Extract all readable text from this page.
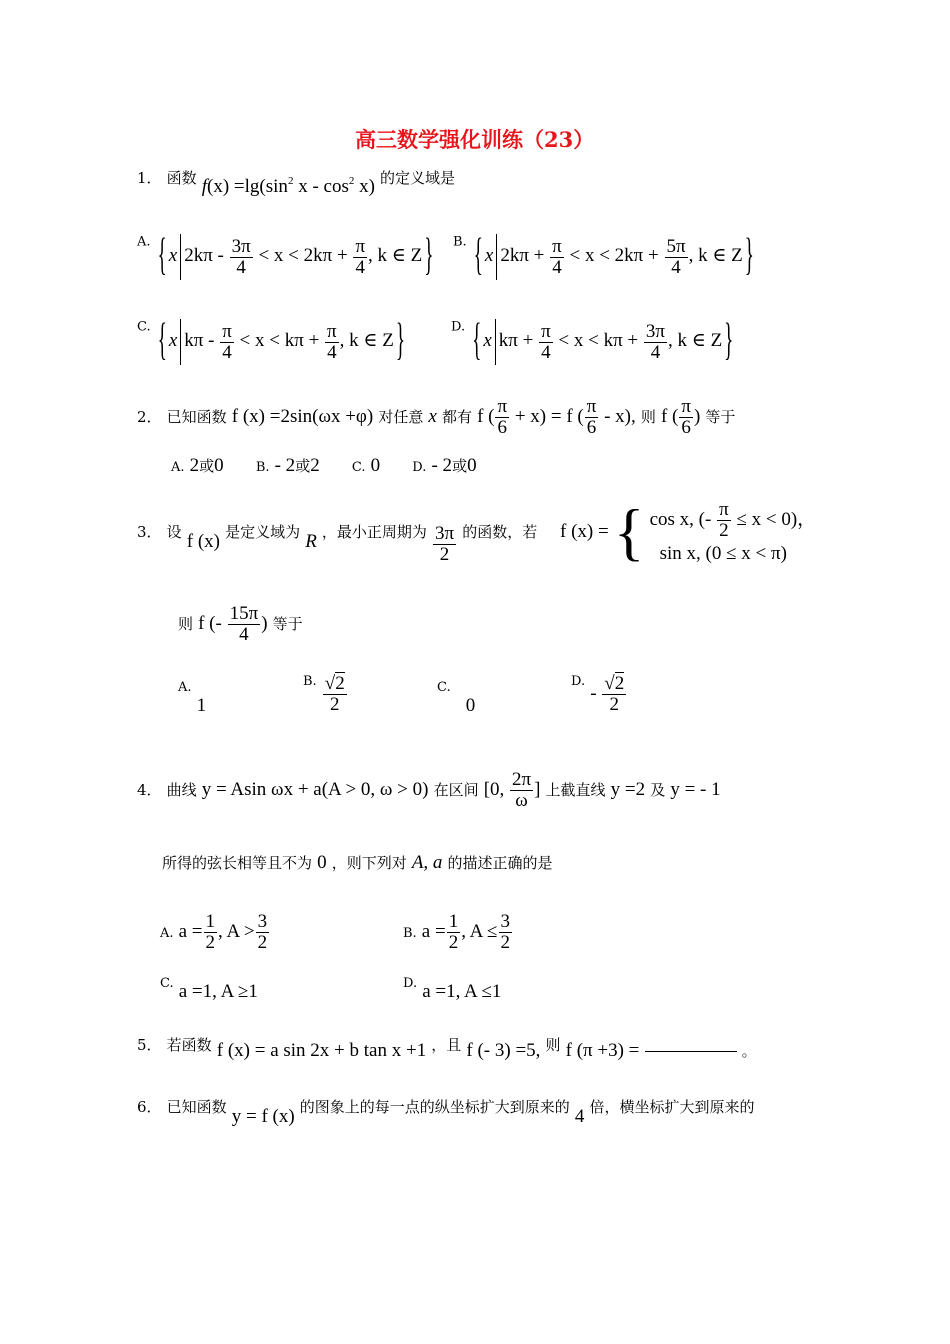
高三数学强化训练（23）
1． 函数 $f(x) =\lg(\sin^2$ x - $\cos^2 x$) 的定义域是
$^{A.}$ { x $2k\pi - \frac{3\pi}{4} < x < 2k\pi + \frac{\pi}{4}$ , k ∈ Z } $^{B.}$ { x $2k\pi + \frac{\pi}{4} < x < 2k\pi + \frac{5\pi}{4}$ , k ∈ Z }
$^{C.}$ { x $k\pi - \frac{\pi}{4} < x < k\pi + \frac{\pi}{4}$ , k ∈ Z }	$^{D.}$ { x $k\pi + \frac{\pi}{4} < x < k\pi + \frac{3\pi}{4}$ , k ∈ Z }
2． 已知函数 f (x) =2sin(ωx +φ) 对任意 x 都有 f ( $\frac{\pi}{6} + x) = f$ ( $\frac{\pi}{6} - x$), 则 f ( $\frac{\pi}{6}$ ) 等于
A. 2或0 B. - 2或2 C. 0 D. - 2或0
3． 设 f (x) 是定义域为 R ，最小正周期为 $\frac{3\pi}{2}$ 的函数，若 f (x) = { cos x, (- $\frac{\pi}{2} \le x < 0$)，
sin x, (0 ≤ x < π)
则 f (- $\frac{15\pi}{4}$ ) 等于
$^{A.}$ 1
$^{B.} \frac{√2}{2}$	$^{C.}$ 0
$^{D.} - \frac{√2}{2}$
4． 曲线 y = Asin ωx + a(A > 0, ω > 0) 在区间 [0, $\frac{2\pi}{\omega}$ ] 上截直线 y =2 及 y = - 1
所得的弦长相等且不为 0 ，则下列对 A, a 的描述正确的是
A. $a = \frac{1}{2}$ , $A > \frac{3}{2}$	B. $a = \frac{1}{2}$ , $A \le \frac{3}{2}$
$^{C.}$ a =1, A ≥1	$^{D.}$ a =1, A ≤1
5． 若函数 f (x) = a sin 2x + b tan x +1 ，且 f (- 3) =5, 则 f (π +3) =	。
6． 已知函数 y = f (x) 的图象上的每一点的纵坐标扩大到原来的 4 倍，横坐标扩大到原来的
